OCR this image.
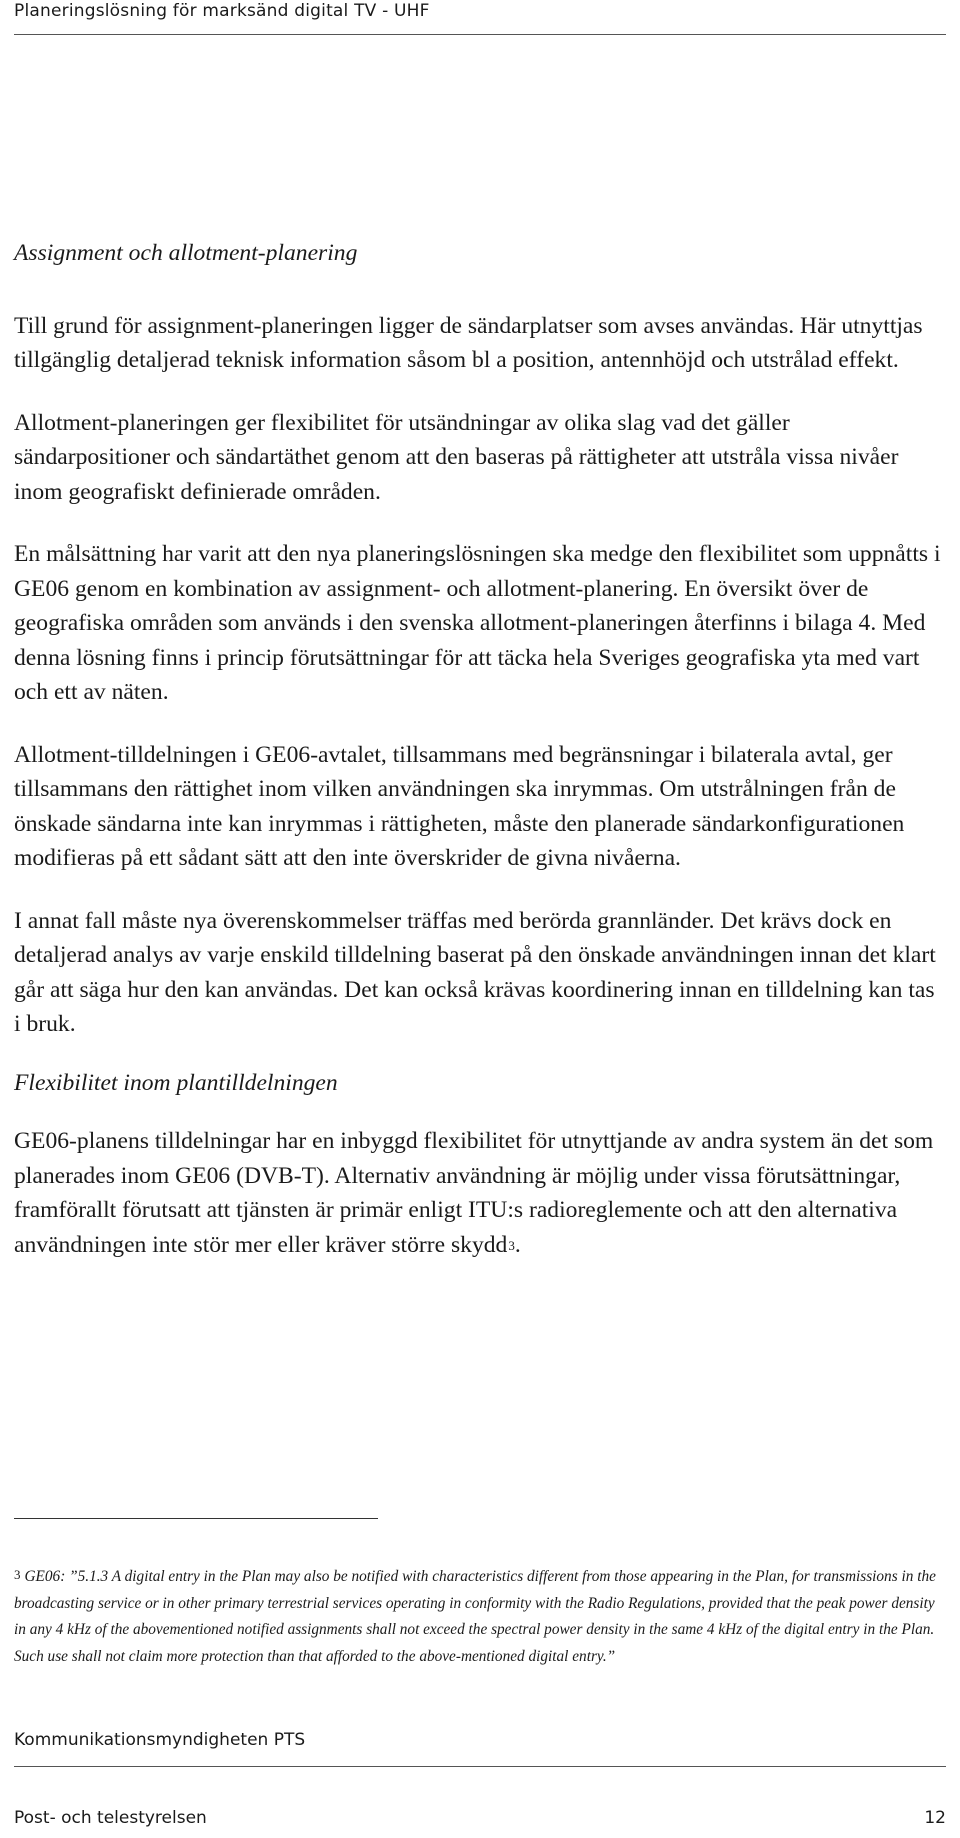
Planeringslösning för marksänd digital TV - UHF
Assignment och allotment-planering
Till grund för assignment-planeringen ligger de sändarplatser som avses användas. Här utnyttjas tillgänglig detaljerad teknisk information såsom bl a position, antennhöjd och utstrålad effekt.
Allotment-planeringen ger flexibilitet för utsändningar av olika slag vad det gäller sändarpositioner och sändartäthet genom att den baseras på rättigheter att utstråla vissa nivåer inom geografiskt definierade områden.
En målsättning har varit att den nya planeringslösningen ska medge den flexibilitet som uppnåtts i GE06 genom en kombination av assignment- och allotment-planering. En översikt över de geografiska områden som används i den svenska allotment-planeringen återfinns i bilaga 4. Med denna lösning finns i princip förutsättningar för att täcka hela Sveriges geografiska yta med vart och ett av näten.
Allotment-tilldelningen i GE06-avtalet, tillsammans med begränsningar i bilaterala avtal, ger tillsammans den rättighet inom vilken användningen ska inrymmas. Om utstrålningen från de önskade sändarna inte kan inrymmas i rättigheten, måste den planerade sändarkonfigurationen modifieras på ett sådant sätt att den inte överskrider de givna nivåerna.
I annat fall måste nya överenskommelser träffas med berörda grannländer. Det krävs dock en detaljerad analys av varje enskild tilldelning baserat på den önskade användningen innan det klart går att säga hur den kan användas. Det kan också krävas koordinering innan en tilldelning kan tas i bruk.
Flexibilitet inom plantilldelningen
GE06-planens tilldelningar har en inbyggd flexibilitet för utnyttjande av andra system än det som planerades inom GE06 (DVB-T). Alternativ användning är möjlig under vissa förutsättningar, framförallt förutsatt att tjänsten är primär enligt ITU:s radioreglemente och att den alternativa användningen inte stör mer eller kräver större skydd3.
3 GE06: ”5.1.3 A digital entry in the Plan may also be notified with characteristics different from those appearing in the Plan, for transmissions in the broadcasting service or in other primary terrestrial services operating in conformity with the Radio Regulations, provided that the peak power density in any 4 kHz of the abovementioned notified assignments shall not exceed the spectral power density in the same 4 kHz of the digital entry in the Plan. Such use shall not claim more protection than that afforded to the above-mentioned digital entry.”
Kommunikationsmyndigheten PTS
Post- och telestyrelsen	12
